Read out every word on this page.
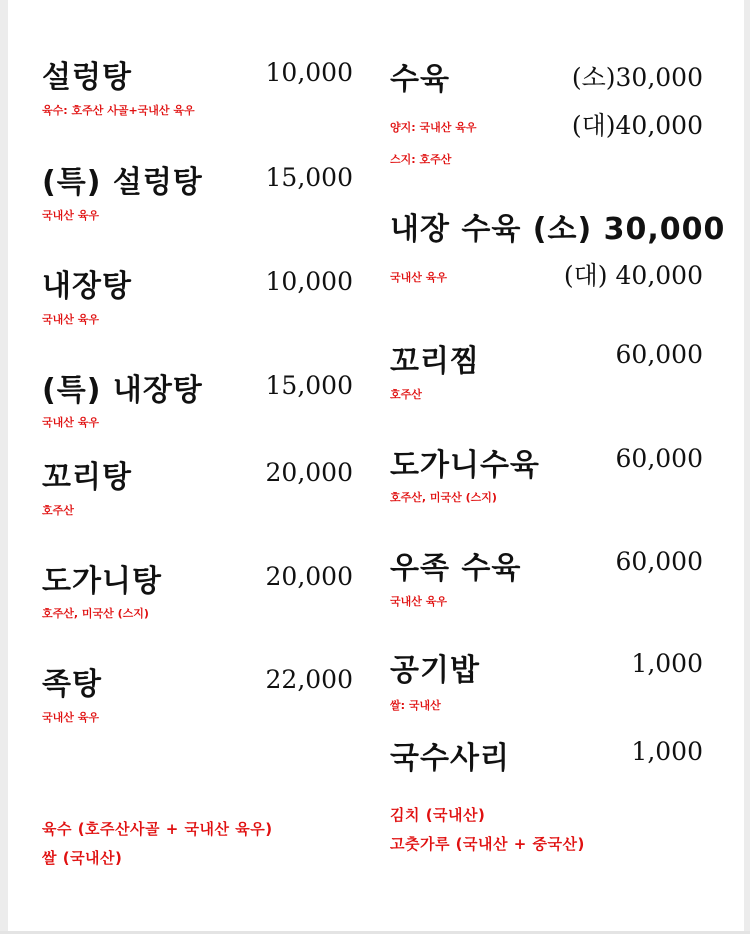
설렁탕	10,000
육수: 호주산 사골+국내산 육우
(특) 설렁탕	15,000
국내산 육우
내장탕	10,000
국내산 육우
(특) 내장탕	15,000
국내산 육우
꼬리탕	20,000
호주산
도가니탕	20,000
호주산, 미국산 (스지)
족탕	22,000
국내산 육우
수육	(소)30,000
(대)40,000
양지: 국내산 육우
스지: 호주산
내장 수육 (소) 30,000
(대) 40,000
국내산 육우
꼬리찜	60,000
호주산
도가니수육	60,000
호주산, 미국산 (스지)
우족 수육	60,000
국내산 육우
공기밥	1,000
쌀: 국내산
국수사리	1,000
육수 (호주산사골 + 국내산 육우)
쌀 (국내산)
김치 (국내산)
고춧가루 (국내산 + 중국산)
